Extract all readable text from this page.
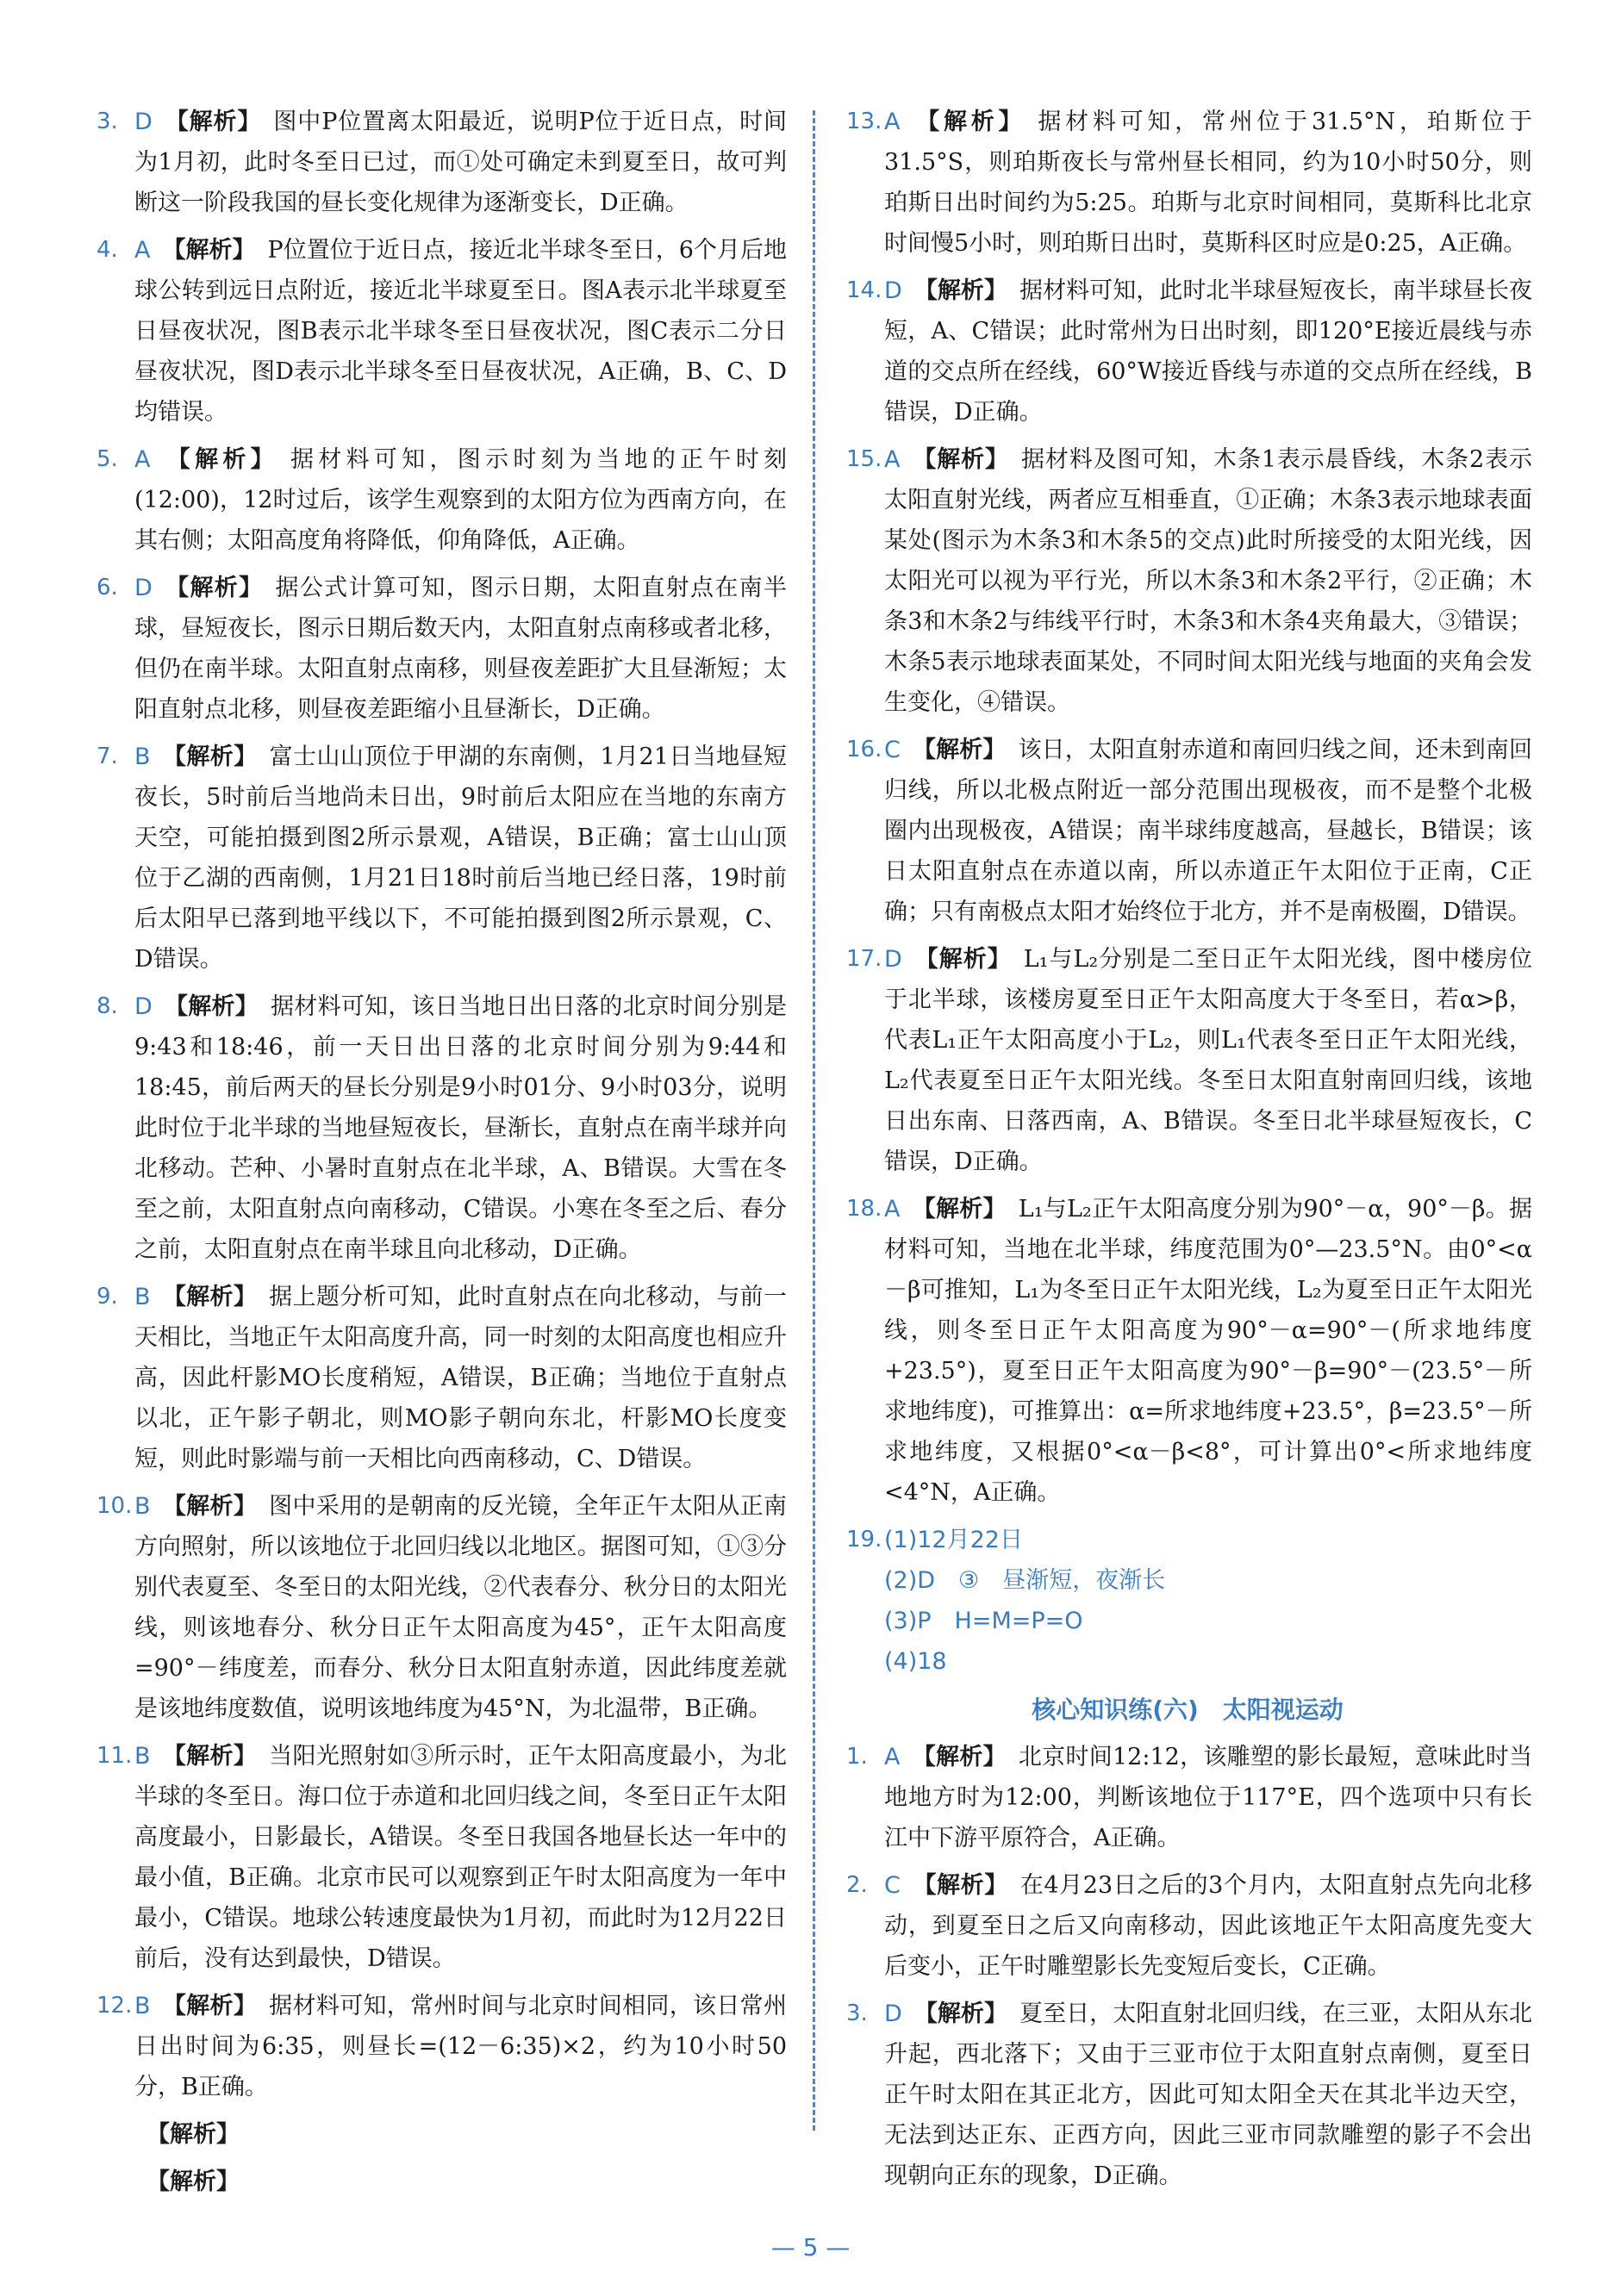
3. D 【解析】 图中P位置离太阳最近，说明P位于近日点，时间为1月初，此时冬至日已过，而①处可确定未到夏至日，故可判断这一阶段我国的昼长变化规律为逐渐变长，D正确。
4. A 【解析】 P位置位于近日点，接近北半球冬至日，6个月后地球公转到远日点附近，接近北半球夏至日。图A表示北半球夏至日昼夜状况，图B表示北半球冬至日昼夜状况，图C表示二分日昼夜状况，图D表示北半球冬至日昼夜状况，A正确，B、C、D均错误。
5. A 【解析】 据材料可知，图示时刻为当地的正午时刻(12:00)，12时过后，该学生观察到的太阳方位为西南方向，在其右侧；太阳高度角将降低，仰角降低，A正确。
6. D 【解析】 据公式计算可知，图示日期，太阳直射点在南半球，昼短夜长，图示日期后数天内，太阳直射点南移或者北移，但仍在南半球。太阳直射点南移，则昼夜差距扩大且昼渐短；太阳直射点北移，则昼夜差距缩小且昼渐长，D正确。
7. B 【解析】 富士山山顶位于甲湖的东南侧，1月21日当地昼短夜长，5时前后当地尚未日出，9时前后太阳应在当地的东南方天空，可能拍摄到图2所示景观，A错误，B正确；富士山山顶位于乙湖的西南侧，1月21日18时前后当地已经日落，19时前后太阳早已落到地平线以下，不可能拍摄到图2所示景观，C、D错误。
8. D 【解析】 据材料可知，该日当地日出日落的北京时间分别是9:43和18:46，前一天日出日落的北京时间分别为9:44和18:45，前后两天的昼长分别是9小时01分、9小时03分，说明此时位于北半球的当地昼短夜长，昼渐长，直射点在南半球并向北移动。芒种、小暑时直射点在北半球，A、B错误。大雪在冬至之前，太阳直射点向南移动，C错误。小寒在冬至之后、春分之前，太阳直射点在南半球且向北移动，D正确。
9. B 【解析】 据上题分析可知，此时直射点在向北移动，与前一天相比，当地正午太阳高度升高，同一时刻的太阳高度也相应升高，因此杆影MO长度稍短，A错误，B正确；当地位于直射点以北，正午影子朝北，则MO影子朝向东北，杆影MO长度变短，则此时影端与前一天相比向西南移动，C、D错误。
10. B 【解析】 图中采用的是朝南的反光镜，全年正午太阳从正南方向照射，所以该地位于北回归线以北地区。据图可知，①③分别代表夏至、冬至日的太阳光线，②代表春分、秋分日的太阳光线，则该地春分、秋分日正午太阳高度为45°，正午太阳高度=90°－纬度差，而春分、秋分日太阳直射赤道，因此纬度差就是该地纬度数值，说明该地纬度为45°N，为北温带，B正确。
11. B 【解析】 当阳光照射如③所示时，正午太阳高度最小，为北半球的冬至日。海口位于赤道和北回归线之间，冬至日正午太阳高度最小，日影最长，A错误。冬至日我国各地昼长达一年中的最小值，B正确。北京市民可以观察到正午时太阳高度为一年中最小，C错误。地球公转速度最快为1月初，而此时为12月22日前后，没有达到最快，D错误。
12. B 【解析】 据材料可知，常州时间与北京时间相同，该日常州日出时间为6:35，则昼长=(12－6:35)×2，约为10小时50分，B正确。
【解析】
【解析】
13. A 【解析】 据材料可知，常州位于31.5°N，珀斯位于31.5°S，则珀斯夜长与常州昼长相同，约为10小时50分，则珀斯日出时间约为5:25。珀斯与北京时间相同，莫斯科比北京时间慢5小时，则珀斯日出时，莫斯科区时应是0:25，A正确。
14. D 【解析】 据材料可知，此时北半球昼短夜长，南半球昼长夜短，A、C错误；此时常州为日出时刻，即120°E接近晨线与赤道的交点所在经线，60°W接近昏线与赤道的交点所在经线，B错误，D正确。
15. A 【解析】 据材料及图可知，木条1表示晨昏线，木条2表示太阳直射光线，两者应互相垂直，①正确；木条3表示地球表面某处(图示为木条3和木条5的交点)此时所接受的太阳光线，因太阳光可以视为平行光，所以木条3和木条2平行，②正确；木条3和木条2与纬线平行时，木条3和木条4夹角最大，③错误；木条5表示地球表面某处，不同时间太阳光线与地面的夹角会发生变化，④错误。
16. C 【解析】 该日，太阳直射赤道和南回归线之间，还未到南回归线，所以北极点附近一部分范围出现极夜，而不是整个北极圈内出现极夜，A错误；南半球纬度越高，昼越长，B错误；该日太阳直射点在赤道以南，所以赤道正午太阳位于正南，C正确；只有南极点太阳才始终位于北方，并不是南极圈，D错误。
17. D 【解析】 L₁与L₂分别是二至日正午太阳光线，图中楼房位于北半球，该楼房夏至日正午太阳高度大于冬至日，若α>β，代表L₁正午太阳高度小于L₂，则L₁代表冬至日正午太阳光线，L₂代表夏至日正午太阳光线。冬至日太阳直射南回归线，该地日出东南、日落西南，A、B错误。冬至日北半球昼短夜长，C错误，D正确。
18. A 【解析】 L₁与L₂正午太阳高度分别为90°－α，90°－β。据材料可知，当地在北半球，纬度范围为0°—23.5°N。由0°<α－β可推知，L₁为冬至日正午太阳光线，L₂为夏至日正午太阳光线，则冬至日正午太阳高度为90°－α=90°－(所求地纬度+23.5°)，夏至日正午太阳高度为90°－β=90°－(23.5°－所求地纬度)，可推算出：α=所求地纬度+23.5°，β=23.5°－所求地纬度，又根据0°<α－β<8°，可计算出0°<所求地纬度<4°N，A正确。
19. (1)12月22日
(2)D　③　昼渐短，夜渐长
(3)P　H=M=P=O
(4)18
核心知识练(六)　太阳视运动
1. A 【解析】 北京时间12:12，该雕塑的影长最短，意味此时当地地方时为12:00，判断该地位于117°E，四个选项中只有长江中下游平原符合，A正确。
2. C 【解析】 在4月23日之后的3个月内，太阳直射点先向北移动，到夏至日之后又向南移动，因此该地正午太阳高度先变大后变小，正午时雕塑影长先变短后变长，C正确。
3. D 【解析】 夏至日，太阳直射北回归线，在三亚，太阳从东北升起，西北落下；又由于三亚市位于太阳直射点南侧，夏至日正午时太阳在其正北方，因此可知太阳全天在其北半边天空，无法到达正东、正西方向，因此三亚市同款雕塑的影子不会出现朝向正东的现象，D正确。
— 5 —
